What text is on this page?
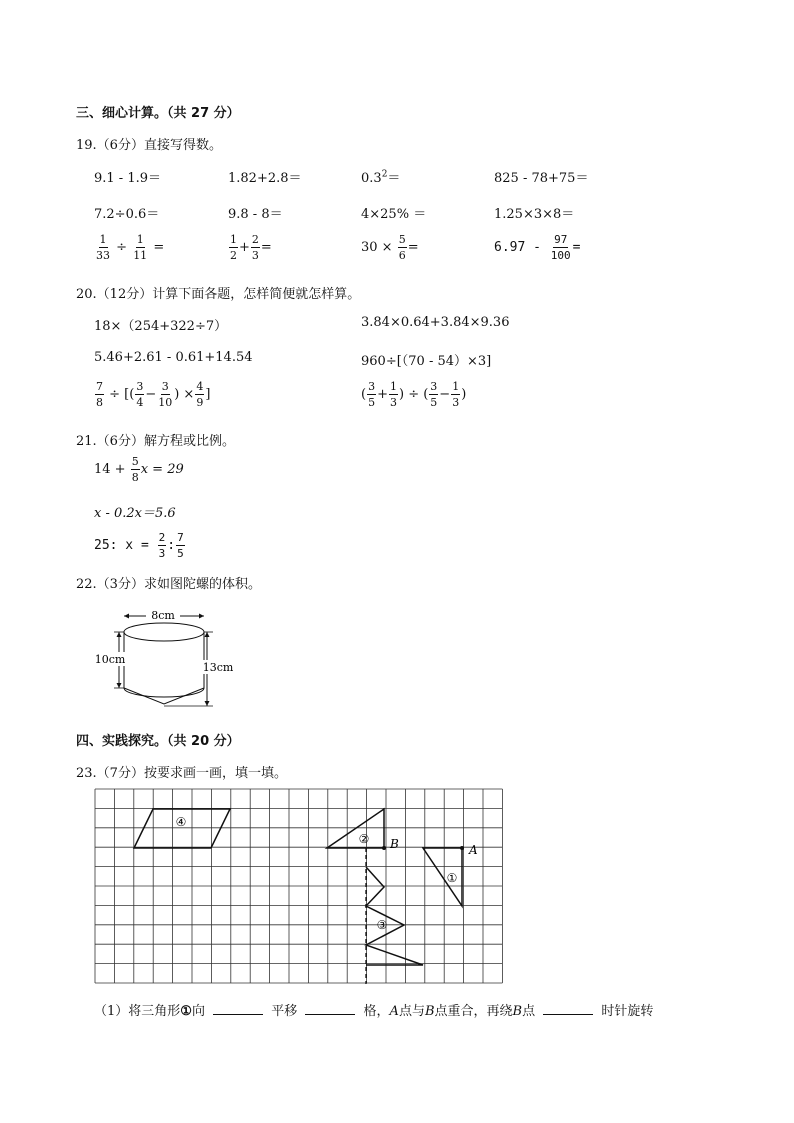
三、细心计算。（共 27 分）
19.（6分）直接写得数。
9.1 - 1.9＝	1.82+2.8＝	$0.3^2=$	825 - 78+75＝
7.2÷0.6＝	9.8 - 8＝	4×25% ＝	1.25×3×8＝
$\frac{1}{33} \div \frac{1}{11}$ =	$\frac{1}{2} + \frac{2}{3}$ =	$30 \times \frac{5}{6}$ =	$6.97 - \frac{97}{100}$ =
20.（12分）计算下面各题，怎样简便就怎样算。
18×（254+322÷7）	3.84×0.64+3.84×9.36
5.46+2.61 - 0.61+14.54	960÷[（70 - 54）×3]
$\frac{7}{8}$ ÷ [( $\frac{3}{4} - \frac{3}{10}$ ) × $\frac{4}{9}$ ]	( $\frac{3}{5} + \frac{1}{3}$ ) ÷ ( $\frac{3}{5} - \frac{1}{3}$ )
21.（6分）解方程或比例。
$14 + \frac{5}{8}$ x = 29
x - 0.2x＝5.6
25: $x = \frac{2}{3}$ : $\frac{7}{5}$
22.（3分）求如图陀螺的体积。
8cm
10cm
13cm
四、实践探究。（共 20 分）
23.（7分）按要求画一画，填一填。
④
② B
①
A
③
（1）将三角形①向	平移	格，A点与B点重合，再绕B点	时针旋转
